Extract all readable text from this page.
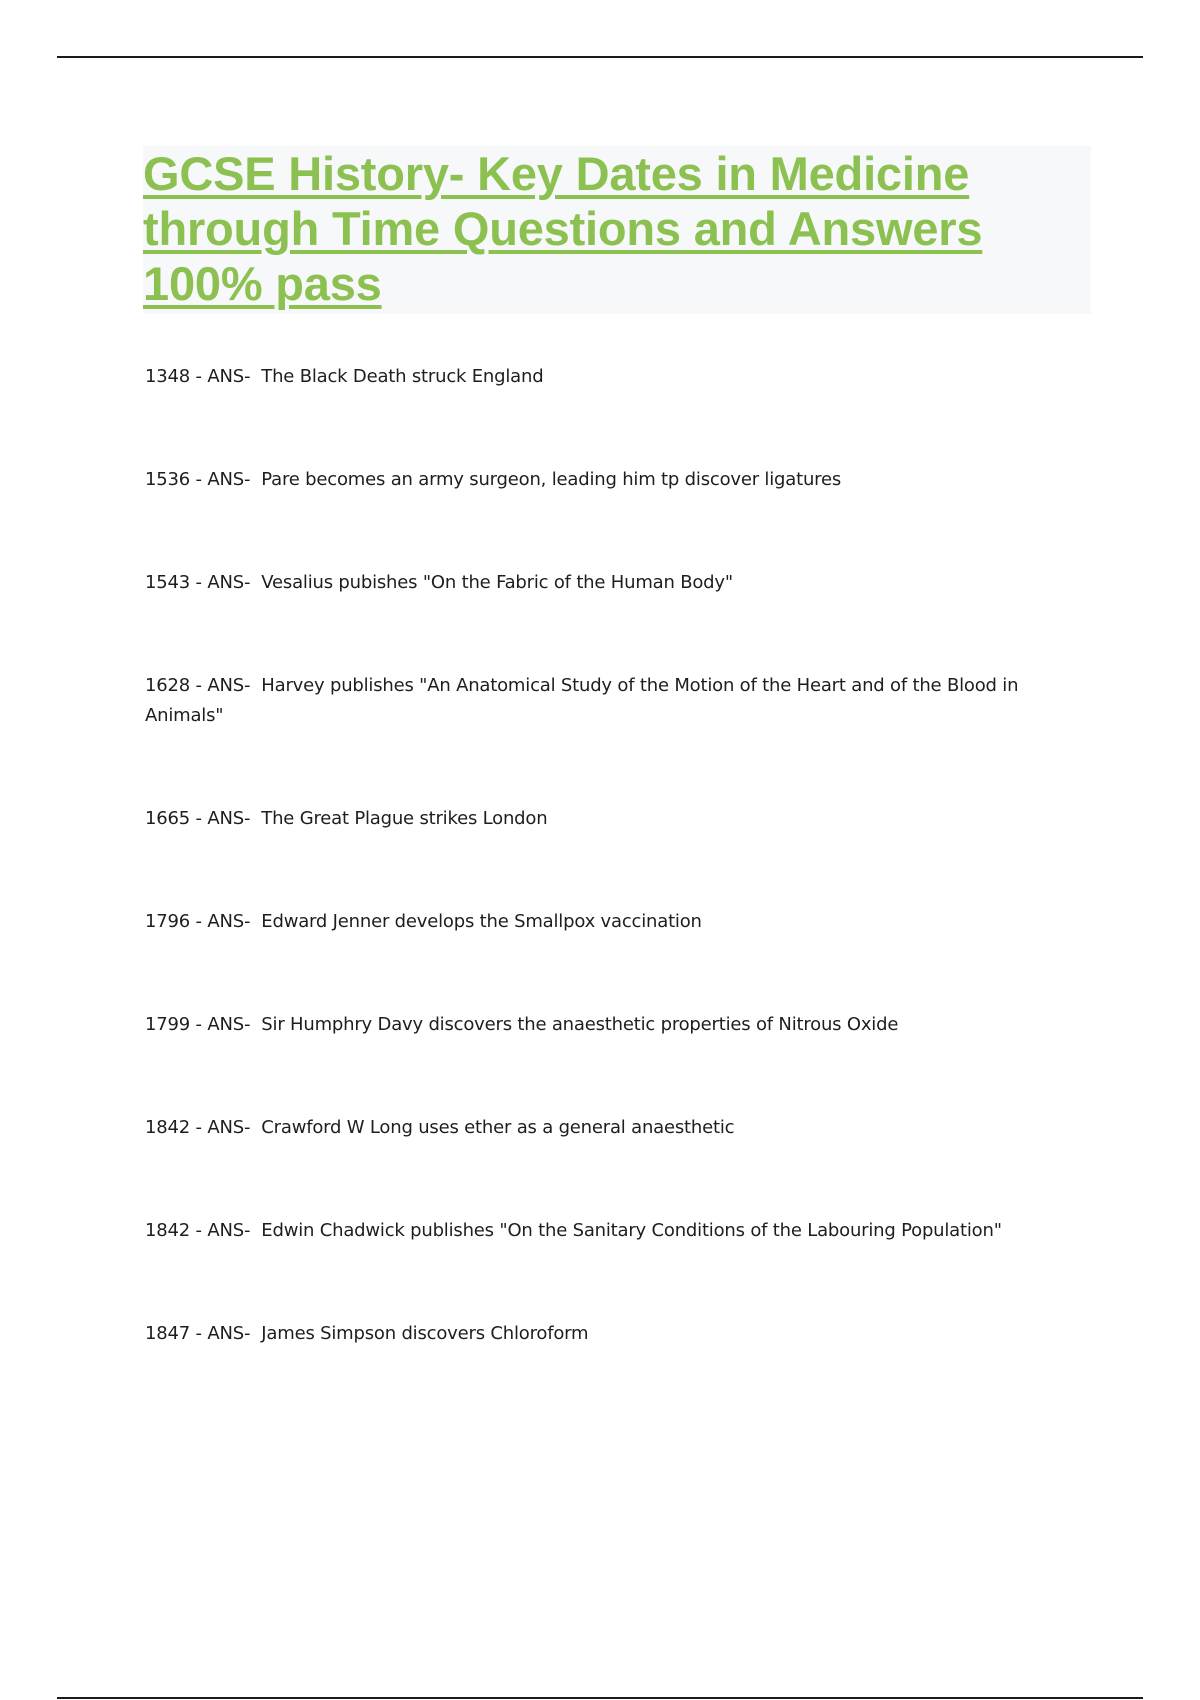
GCSE History- Key Dates in Medicine through Time Questions and Answers 100% pass
1348 - ANS-  The Black Death struck England
1536 - ANS-  Pare becomes an army surgeon, leading him tp discover ligatures
1543 - ANS-  Vesalius pubishes "On the Fabric of the Human Body"
1628 - ANS-  Harvey publishes "An Anatomical Study of the Motion of the Heart and of the Blood in Animals"
1665 - ANS-  The Great Plague strikes London
1796 - ANS-  Edward Jenner develops the Smallpox vaccination
1799 - ANS-  Sir Humphry Davy discovers the anaesthetic properties of Nitrous Oxide
1842 - ANS-  Crawford W Long uses ether as a general anaesthetic
1842 - ANS-  Edwin Chadwick publishes "On the Sanitary Conditions of the Labouring Population"
1847 - ANS-  James Simpson discovers Chloroform
